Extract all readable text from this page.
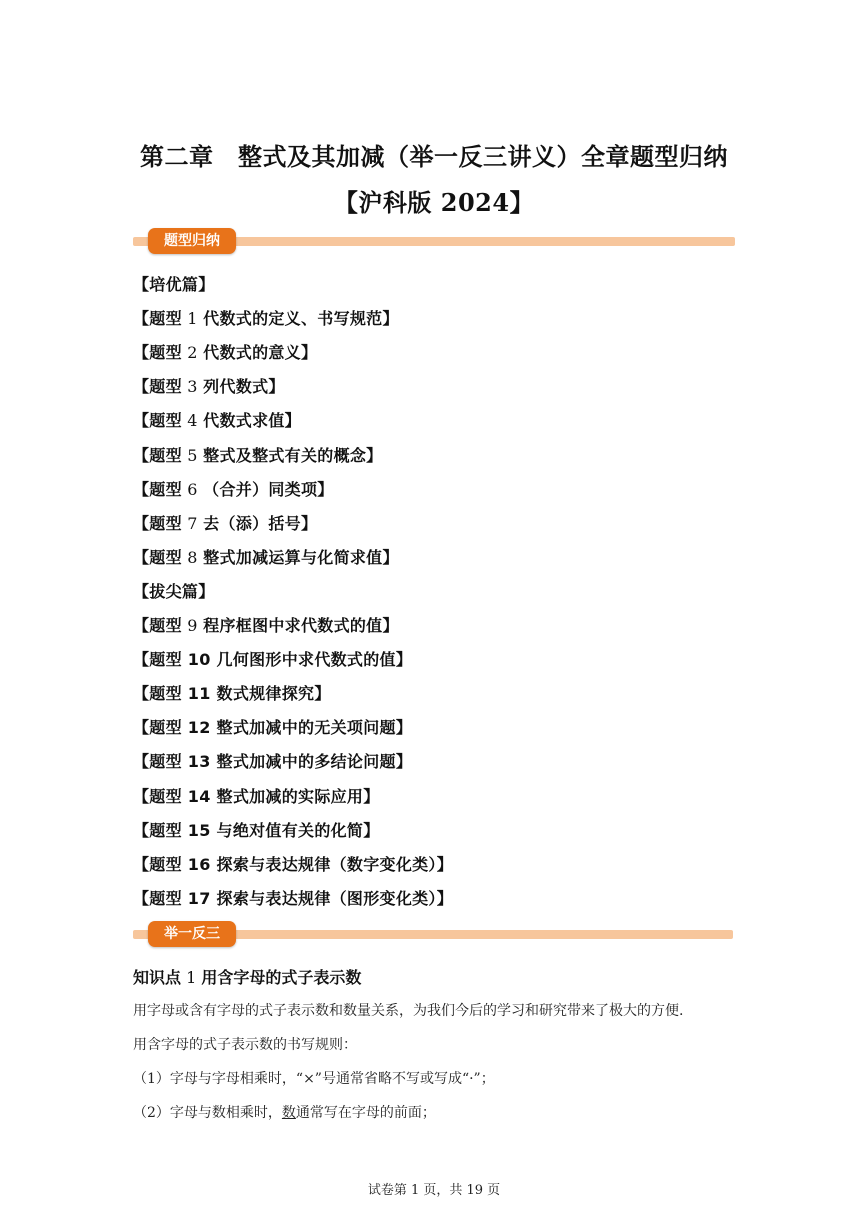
第二章　整式及其加减（举一反三讲义）全章题型归纳
【沪科版 2024】
题型归纳
【培优篇】
【题型 1 代数式的定义、书写规范】
【题型 2 代数式的意义】
【题型 3 列代数式】
【题型 4 代数式求值】
【题型 5 整式及整式有关的概念】
【题型 6 （合并）同类项】
【题型 7 去（添）括号】
【题型 8 整式加减运算与化简求值】
【拔尖篇】
【题型 9 程序框图中求代数式的值】
【题型 10 几何图形中求代数式的值】
【题型 11 数式规律探究】
【题型 12 整式加减中的无关项问题】
【题型 13 整式加减中的多结论问题】
【题型 14 整式加减的实际应用】
【题型 15 与绝对值有关的化简】
【题型 16 探索与表达规律（数字变化类）】
【题型 17 探索与表达规律（图形变化类）】
举一反三
知识点 1 用含字母的式子表示数
用字母或含有字母的式子表示数和数量关系，为我们今后的学习和研究带来了极大的方便.
用含字母的式子表示数的书写规则：
（1）字母与字母相乘时，“×”号通常省略不写或写成“·”；
（2）字母与数相乘时，数通常写在字母的前面；
试卷第 1 页，共 19 页
